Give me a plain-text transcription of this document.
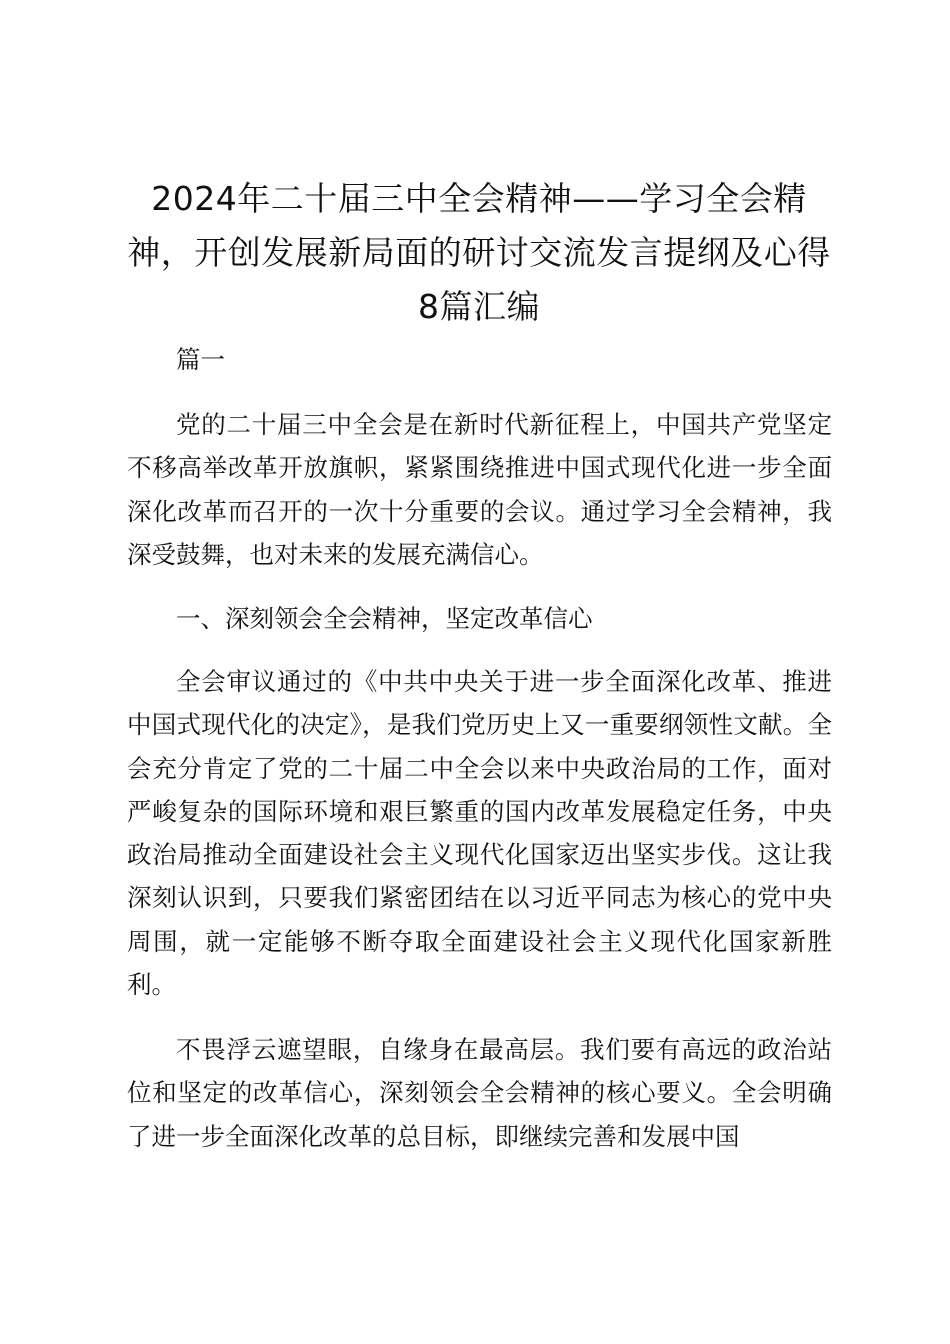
2024年二十届三中全会精神——学习全会精神，开创发展新局面的研讨交流发言提纲及心得8篇汇编

篇一

党的二十届三中全会是在新时代新征程上，中国共产党坚定不移高举改革开放旗帜，紧紧围绕推进中国式现代化进一步全面深化改革而召开的一次十分重要的会议。通过学习全会精神，我深受鼓舞，也对未来的发展充满信心。

一、深刻领会全会精神，坚定改革信心

全会审议通过的《中共中央关于进一步全面深化改革、推进中国式现代化的决定》，是我们党历史上又一重要纲领性文献。全会充分肯定了党的二十届二中全会以来中央政治局的工作，面对严峻复杂的国际环境和艰巨繁重的国内改革发展稳定任务，中央政治局推动全面建设社会主义现代化国家迈出坚实步伐。这让我深刻认识到，只要我们紧密团结在以习近平同志为核心的党中央周围，就一定能够不断夺取全面建设社会主义现代化国家新胜利。

不畏浮云遮望眼，自缘身在最高层。我们要有高远的政治站位和坚定的改革信心，深刻领会全会精神的核心要义。全会明确了进一步全面深化改革的总目标，即继续完善和发展中国
